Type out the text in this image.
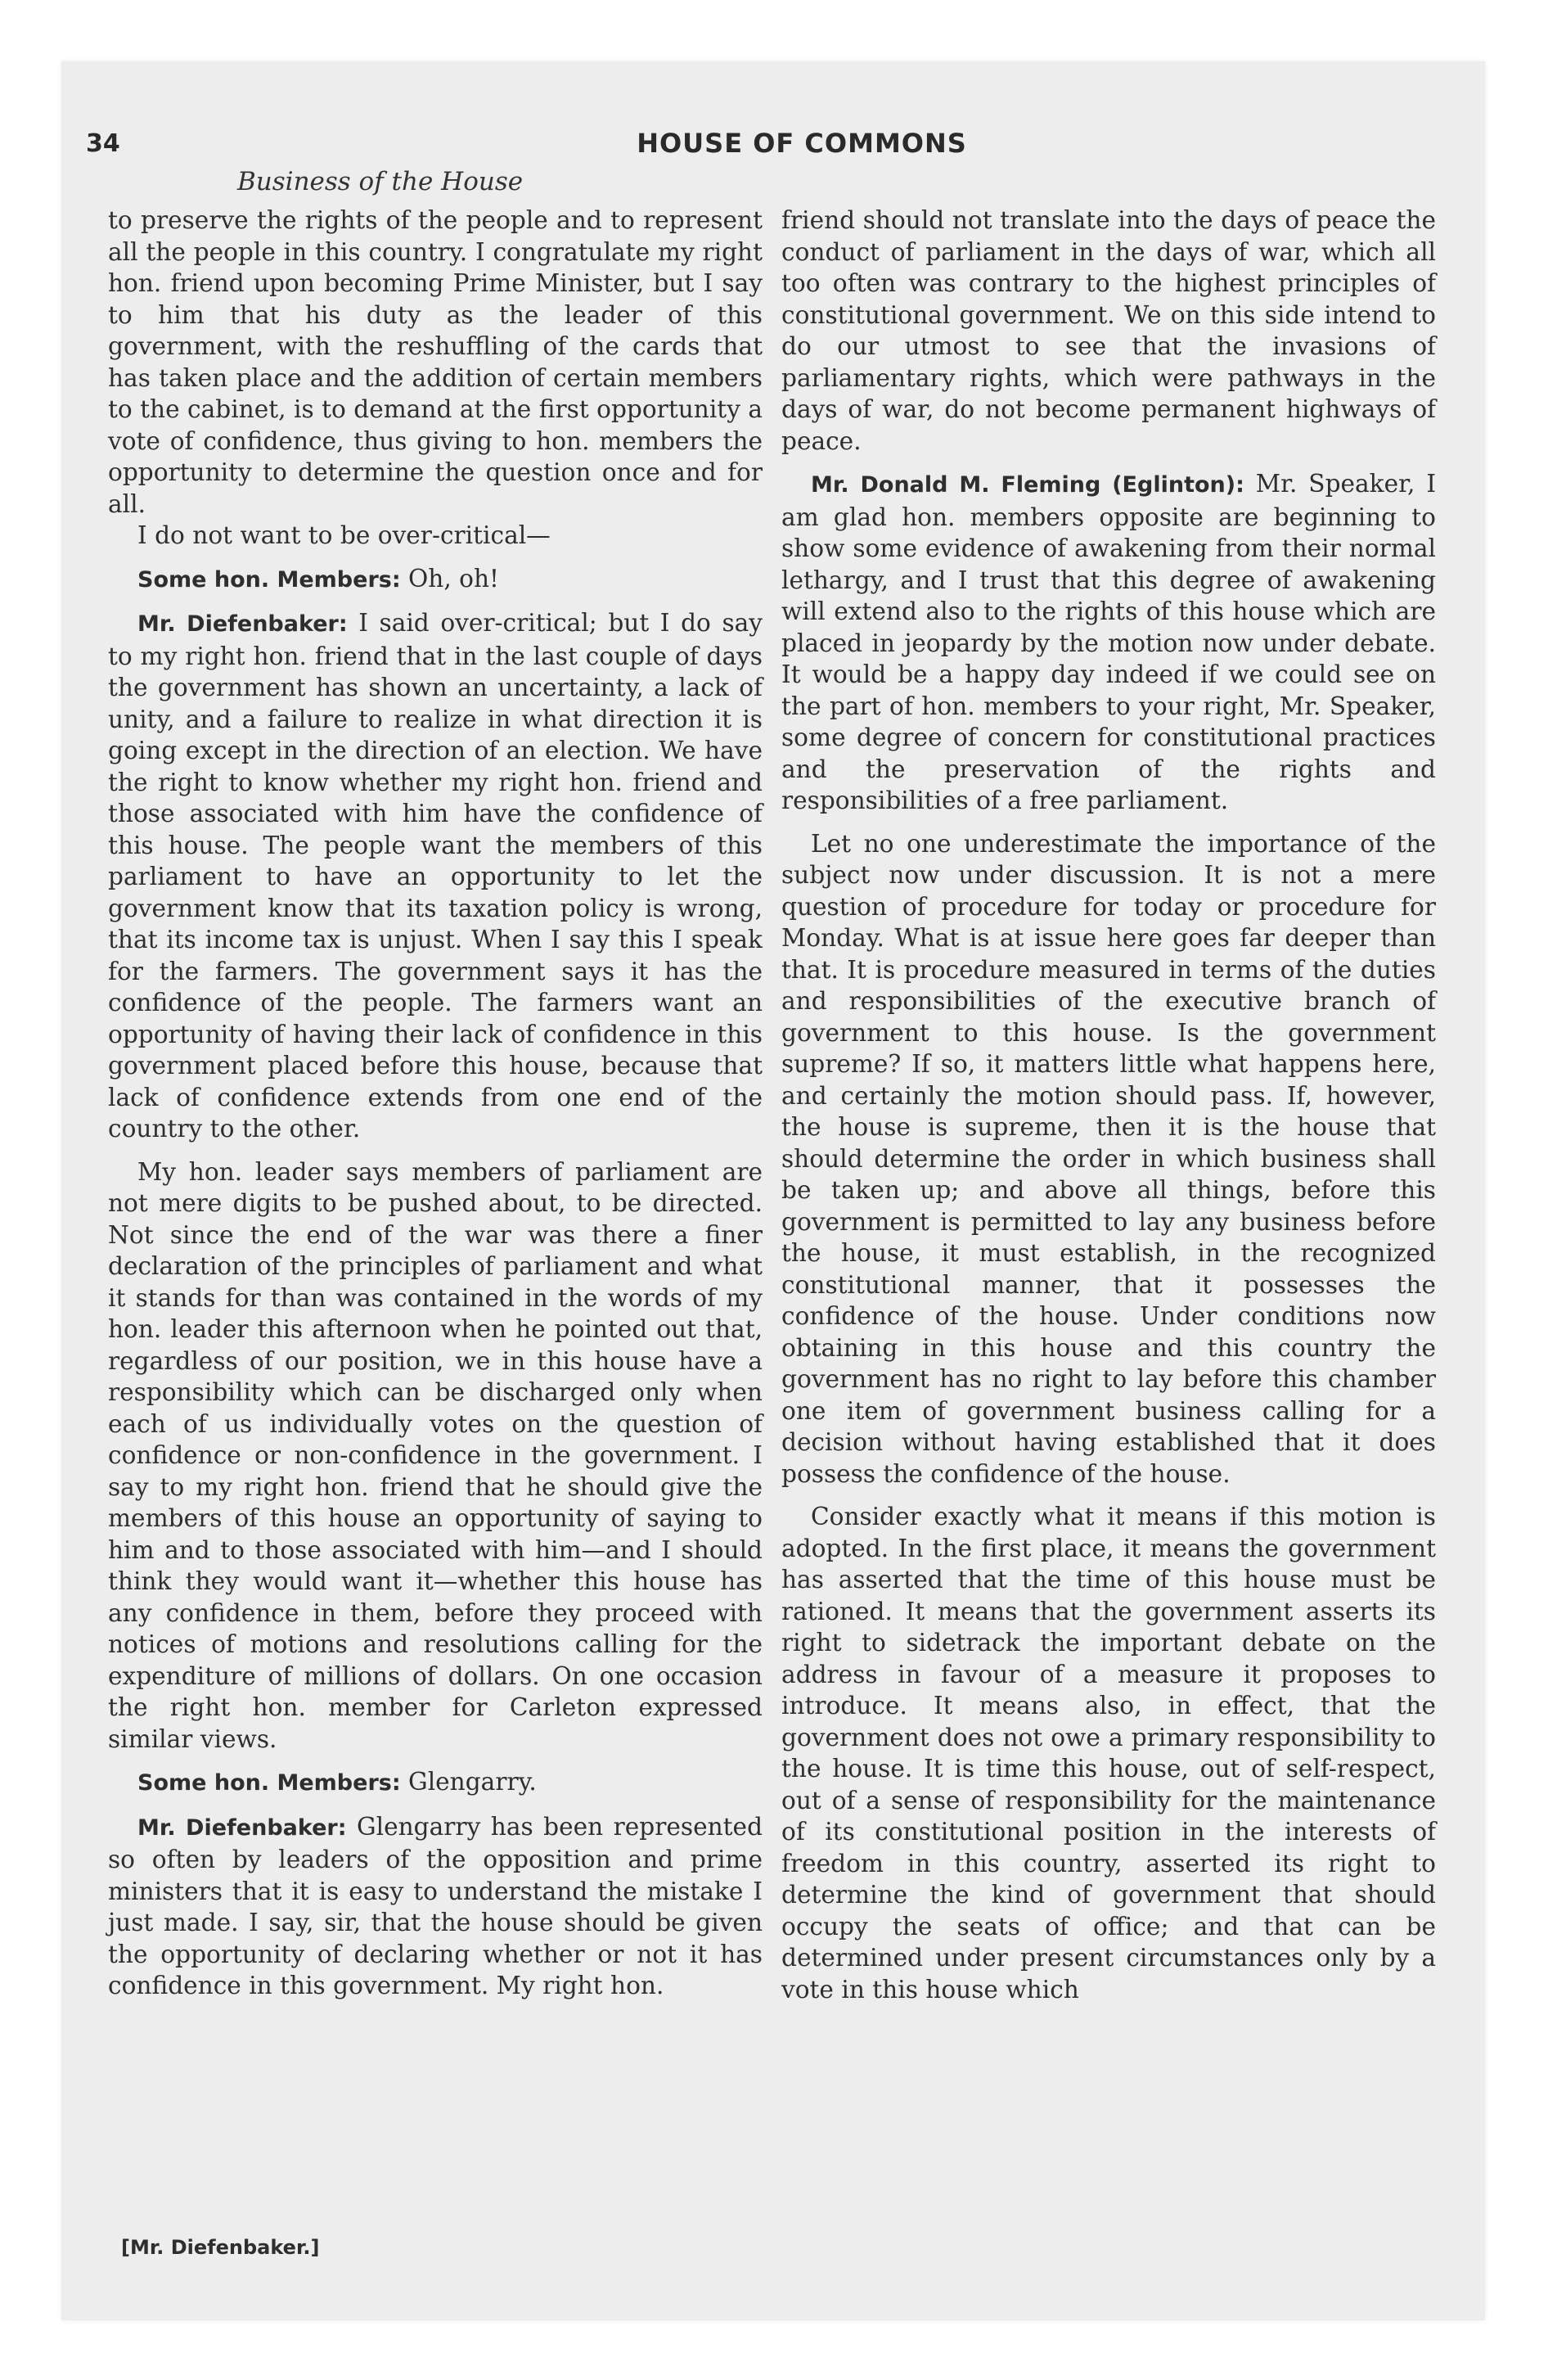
34	HOUSE OF COMMONS

Business of the House

to preserve the rights of the people and to represent all the people in this country. I congratulate my right hon. friend upon becoming Prime Minister, but I say to him that his duty as the leader of this government, with the reshuffling of the cards that has taken place and the addition of certain members to the cabinet, is to demand at the first opportunity a vote of confidence, thus giving to hon. members the opportunity to determine the question once and for all.

I do not want to be over-critical—

Some hon. Members: Oh, oh!

Mr. Diefenbaker: I said over-critical; but I do say to my right hon. friend that in the last couple of days the government has shown an uncertainty, a lack of unity, and a failure to realize in what direction it is going except in the direction of an election. We have the right to know whether my right hon. friend and those associated with him have the confidence of this house. The people want the members of this parliament to have an opportunity to let the government know that its taxation policy is wrong, that its income tax is unjust. When I say this I speak for the farmers. The government says it has the confidence of the people. The farmers want an opportunity of having their lack of confidence in this government placed before this house, because that lack of confidence extends from one end of the country to the other.

My hon. leader says members of parliament are not mere digits to be pushed about, to be directed. Not since the end of the war was there a finer declaration of the principles of parliament and what it stands for than was contained in the words of my hon. leader this afternoon when he pointed out that, regardless of our position, we in this house have a responsibility which can be discharged only when each of us individually votes on the question of confidence or non-confidence in the government. I say to my right hon. friend that he should give the members of this house an opportunity of saying to him and to those associated with him—and I should think they would want it—whether this house has any confidence in them, before they proceed with notices of motions and resolutions calling for the expenditure of millions of dollars. On one occasion the right hon. member for Carleton expressed similar views.

Some hon. Members: Glengarry.

Mr. Diefenbaker: Glengarry has been represented so often by leaders of the opposition and prime ministers that it is easy to understand the mistake I just made. I say, sir, that the house should be given the opportunity of declaring whether or not it has confidence in this government. My right hon.

friend should not translate into the days of peace the conduct of parliament in the days of war, which all too often was contrary to the highest principles of constitutional government. We on this side intend to do our utmost to see that the invasions of parliamentary rights, which were pathways in the days of war, do not become permanent highways of peace.

Mr. Donald M. Fleming (Eglinton): Mr. Speaker, I am glad hon. members opposite are beginning to show some evidence of awakening from their normal lethargy, and I trust that this degree of awakening will extend also to the rights of this house which are placed in jeopardy by the motion now under debate. It would be a happy day indeed if we could see on the part of hon. members to your right, Mr. Speaker, some degree of concern for constitutional practices and the preservation of the rights and responsibilities of a free parliament.

Let no one underestimate the importance of the subject now under discussion. It is not a mere question of procedure for today or procedure for Monday. What is at issue here goes far deeper than that. It is procedure measured in terms of the duties and responsibilities of the executive branch of government to this house. Is the government supreme? If so, it matters little what happens here, and certainly the motion should pass. If, however, the house is supreme, then it is the house that should determine the order in which business shall be taken up; and above all things, before this government is permitted to lay any business before the house, it must establish, in the recognized constitutional manner, that it possesses the confidence of the house. Under conditions now obtaining in this house and this country the government has no right to lay before this chamber one item of government business calling for a decision without having established that it does possess the confidence of the house.

Consider exactly what it means if this motion is adopted. In the first place, it means the government has asserted that the time of this house must be rationed. It means that the government asserts its right to sidetrack the important debate on the address in favour of a measure it proposes to introduce. It means also, in effect, that the government does not owe a primary responsibility to the house. It is time this house, out of self-respect, out of a sense of responsibility for the maintenance of its constitutional position in the interests of freedom in this country, asserted its right to determine the kind of government that should occupy the seats of office; and that can be determined under present circumstances only by a vote in this house which

[Mr. Diefenbaker.]
